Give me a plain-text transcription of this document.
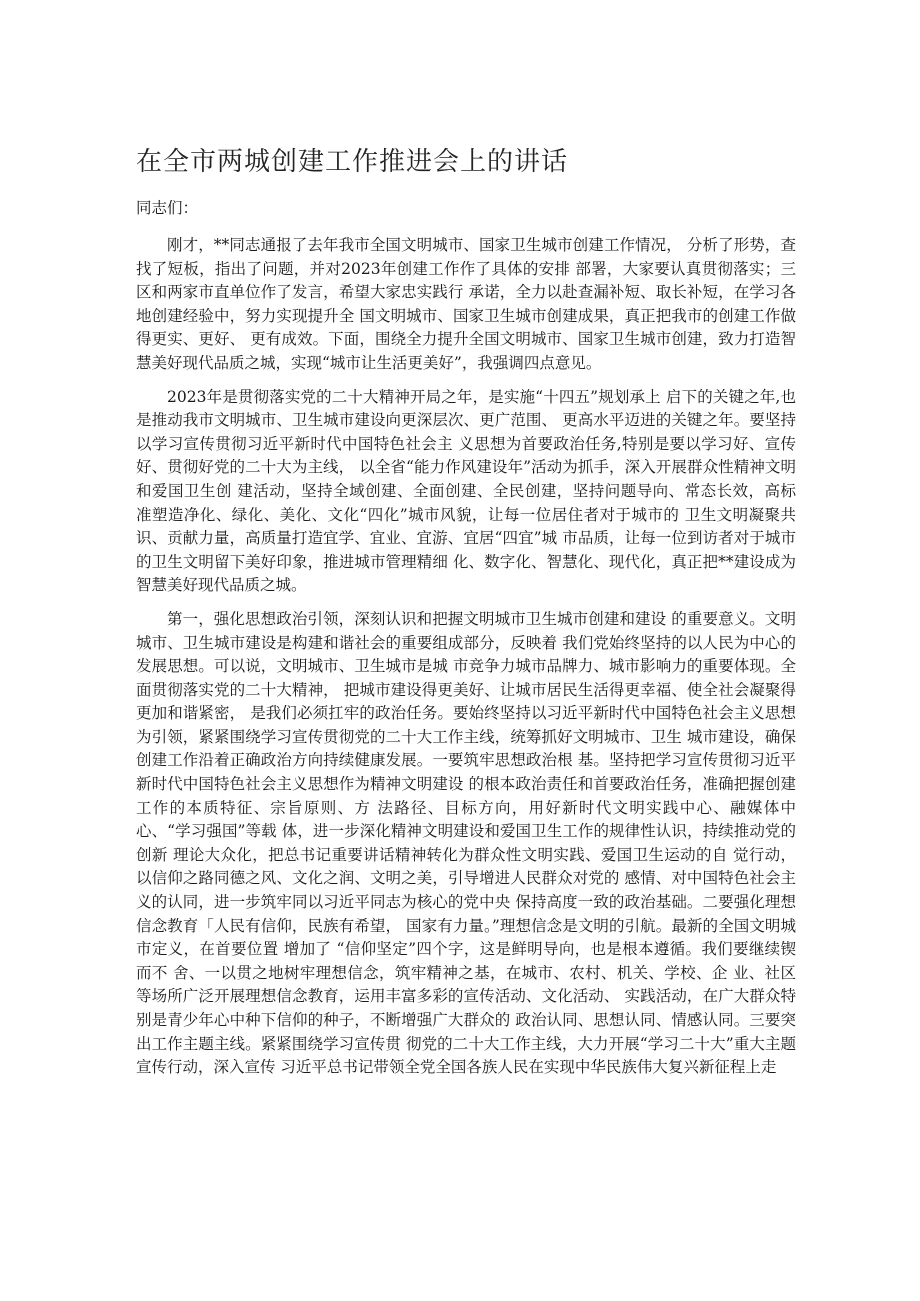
在全市两城创建工作推进会上的讲话

同志们：

刚才，**同志通报了去年我市全国文明城市、国家卫生城市创建工作情况， 分析了形势，查找了短板，指出了问题，并对2023年创建工作作了具体的安排 部署，大家要认真贯彻落实；三区和两家市直单位作了发言，希望大家忠实践行 承诺，全力以赴查漏补短、取长补短，在学习各地创建经验中，努力实现提升全 国文明城市、国家卫生城市创建成果，真正把我市的创建工作做得更实、更好、 更有成效。下面，围绕全力提升全国文明城市、国家卫生城市创建，致力打造智 慧美好现代品质之城，实现“城市让生活更美好”，我强调四点意见。

2023年是贯彻落实党的二十大精神开局之年，是实施“十四五”规划承上 启下的关键之年,也是推动我市文明城市、卫生城市建设向更深层次、更广范围、 更高水平迈进的关键之年。要坚持以学习宣传贯彻习近平新时代中国特色社会主 义思想为首要政治任务,特别是要以学习好、宣传好、贯彻好党的二十大为主线， 以全省“能力作风建设年”活动为抓手，深入开展群众性精神文明和爱国卫生创 建活动，坚持全域创建、全面创建、全民创建，坚持问题导向、常态长效，高标 准塑造净化、绿化、美化、文化“四化”城市风貌，让每一位居住者对于城市的 卫生文明凝聚共识、贡献力量，高质量打造宜学、宜业、宜游、宜居“四宜”城 市品质，让每一位到访者对于城市的卫生文明留下美好印象，推进城市管理精细 化、数字化、智慧化、现代化，真正把**建设成为智慧美好现代品质之城。

第一，强化思想政治引领，深刻认识和把握文明城市卫生城市创建和建设 的重要意义。文明城市、卫生城市建设是构建和谐社会的重要组成部分，反映着 我们党始终坚持的以人民为中心的发展思想。可以说，文明城市、卫生城市是城 市竞争力城市品牌力、城市影响力的重要体现。全面贯彻落实党的二十大精神， 把城市建设得更美好、让城市居民生活得更幸福、使全社会凝聚得更加和谐紧密， 是我们必须扛牢的政治任务。要始终坚持以习近平新时代中国特色社会主义思想 为引领，紧紧围绕学习宣传贯彻党的二十大工作主线，统筹抓好文明城市、卫生 城市建设，确保创建工作沿着正确政治方向持续健康发展。一要筑牢思想政治根 基。坚持把学习宣传贯彻习近平新时代中国特色社会主义思想作为精神文明建设 的根本政治责任和首要政治任务，准确把握创建工作的本质特征、宗旨原则、方 法路径、目标方向，用好新时代文明实践中心、融媒体中心、“学习强国”等载 体，进一步深化精神文明建设和爱国卫生工作的规律性认识，持续推动党的创新 理论大众化，把总书记重要讲话精神转化为群众性文明实践、爱国卫生运动的自 觉行动，以信仰之路同德之风、文化之润、文明之美，引导增进人民群众对党的 感情、对中国特色社会主义的认同，进一步筑牢同以习近平同志为核心的党中央 保持高度一致的政治基础。二要强化理想信念教育「人民有信仰，民族有希望， 国家有力量。”理想信念是文明的引航。最新的全国文明城市定义，在首要位置 增加了 “信仰坚定”四个字，这是鲜明导向，也是根本遵循。我们要继续锲而不 舍、一以贯之地树牢理想信念，筑牢精神之基，在城市、农村、机关、学校、企 业、社区等场所广泛开展理想信念教育，运用丰富多彩的宣传活动、文化活动、 实践活动，在广大群众特别是青少年心中种下信仰的种子，不断增强广大群众的 政治认同、思想认同、情感认同。三要突出工作主题主线。紧紧围绕学习宣传贯 彻党的二十大工作主线，大力开展“学习二十大”重大主题宣传行动，深入宣传 习近平总书记带领全党全国各族人民在实现中华民族伟大复兴新征程上走
